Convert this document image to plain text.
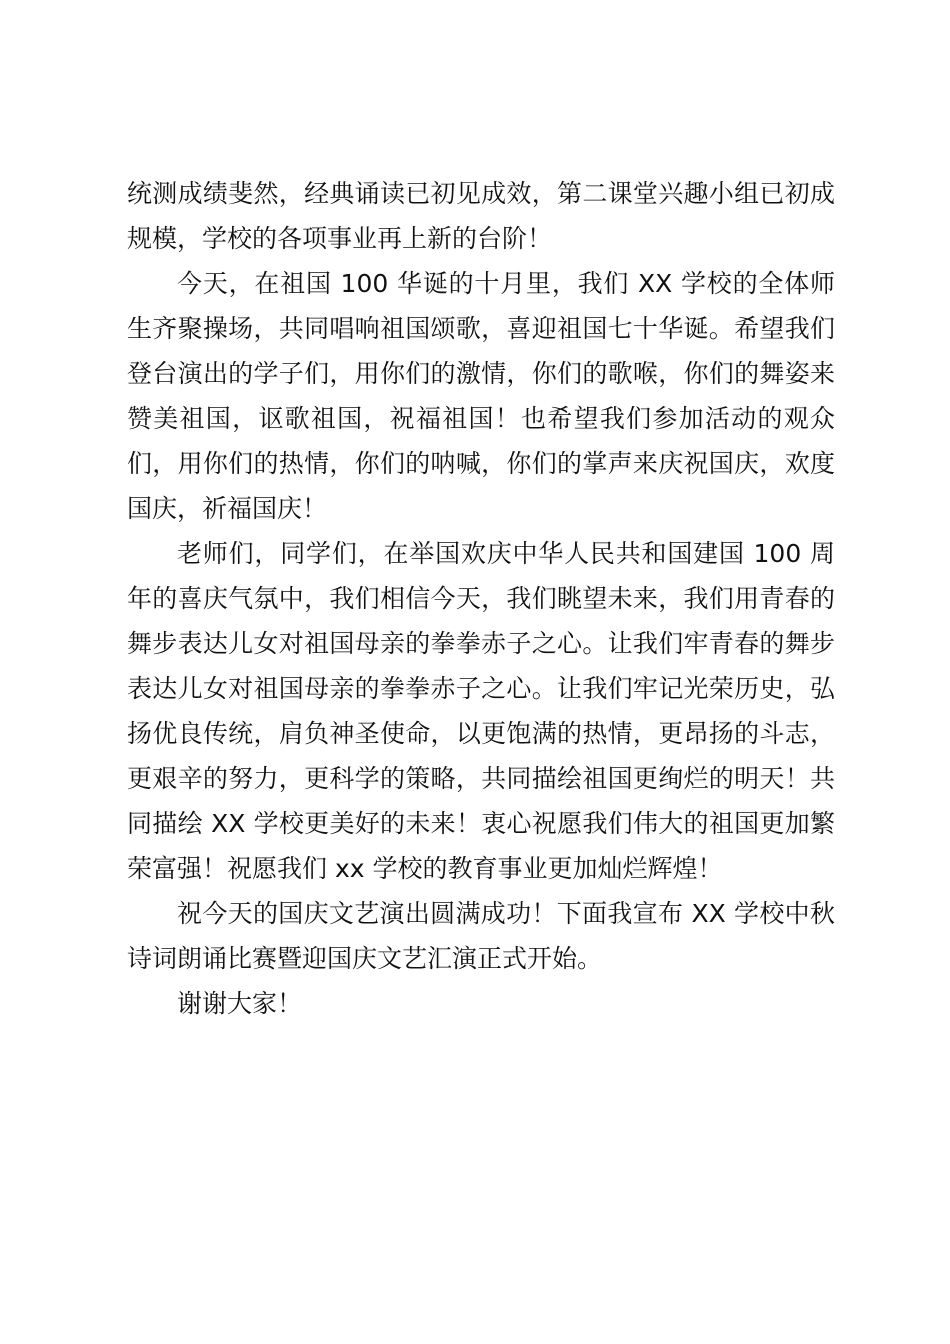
统测成绩斐然，经典诵读已初见成效，第二课堂兴趣小组已初成规模，学校的各项事业再上新的台阶！

今天，在祖国 100 华诞的十月里，我们 XX 学校的全体师生齐聚操场，共同唱响祖国颂歌，喜迎祖国七十华诞。希望我们登台演出的学子们，用你们的激情，你们的歌喉，你们的舞姿来赞美祖国，讴歌祖国，祝福祖国！也希望我们参加活动的观众们，用你们的热情，你们的呐喊，你们的掌声来庆祝国庆，欢度国庆，祈福国庆！

老师们，同学们，在举国欢庆中华人民共和国建国 100 周年的喜庆气氛中，我们相信今天，我们眺望未来，我们用青春的舞步表达儿女对祖国母亲的拳拳赤子之心。让我们牢青春的舞步表达儿女对祖国母亲的拳拳赤子之心。让我们牢记光荣历史，弘扬优良传统，肩负神圣使命，以更饱满的热情，更昂扬的斗志，更艰辛的努力，更科学的策略，共同描绘祖国更绚烂的明天！共同描绘 XX 学校更美好的未来！衷心祝愿我们伟大的祖国更加繁荣富强！祝愿我们 xx 学校的教育事业更加灿烂辉煌！

祝今天的国庆文艺演出圆满成功！下面我宣布 XX 学校中秋诗词朗诵比赛暨迎国庆文艺汇演正式开始。

谢谢大家！
